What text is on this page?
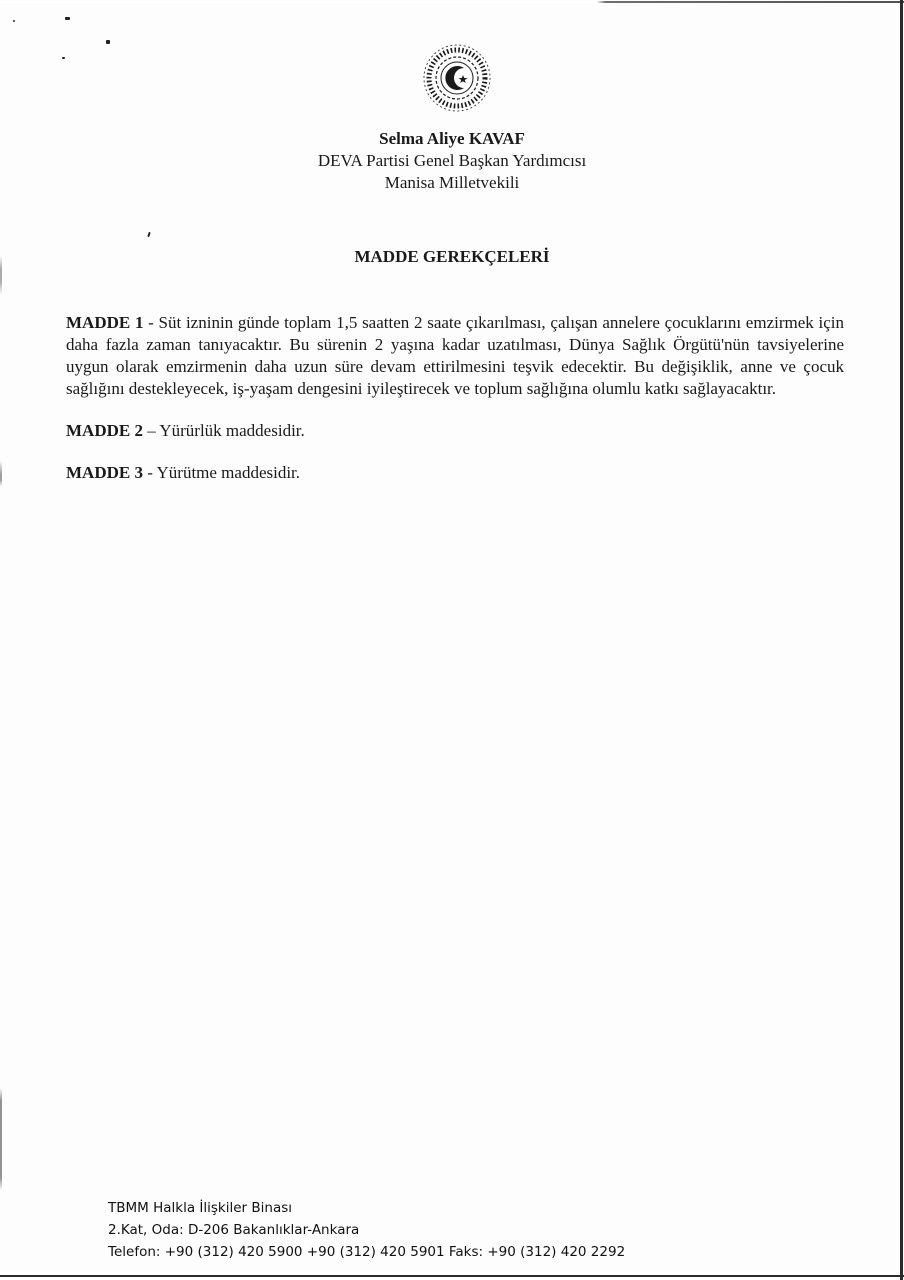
Selma Aliye KAVAF
DEVA Partisi Genel Başkan Yardımcısı
Manisa Milletvekili
MADDE GEREKÇELERİ

MADDE 1 - Süt izninin günde toplam 1,5 saatten 2 saate çıkarılması, çalışan annelere çocuklarını emzirmek için daha fazla zaman tanıyacaktır. Bu sürenin 2 yaşına kadar uzatılması, Dünya Sağlık Örgütü'nün tavsiyelerine uygun olarak emzirmenin daha uzun süre devam ettirilmesini teşvik edecektir. Bu değişiklik, anne ve çocuk sağlığını destekleyecek, iş-yaşam dengesini iyileştirecek ve toplum sağlığına olumlu katkı sağlayacaktır.

MADDE 2 – Yürürlük maddesidir.

MADDE 3 - Yürütme maddesidir.

TBMM Halkla İlişkiler Binası
2.Kat, Oda: D-206 Bakanlıklar-Ankara
Telefon: +90 (312) 420 5900 +90 (312) 420 5901 Faks: +90 (312) 420 2292
